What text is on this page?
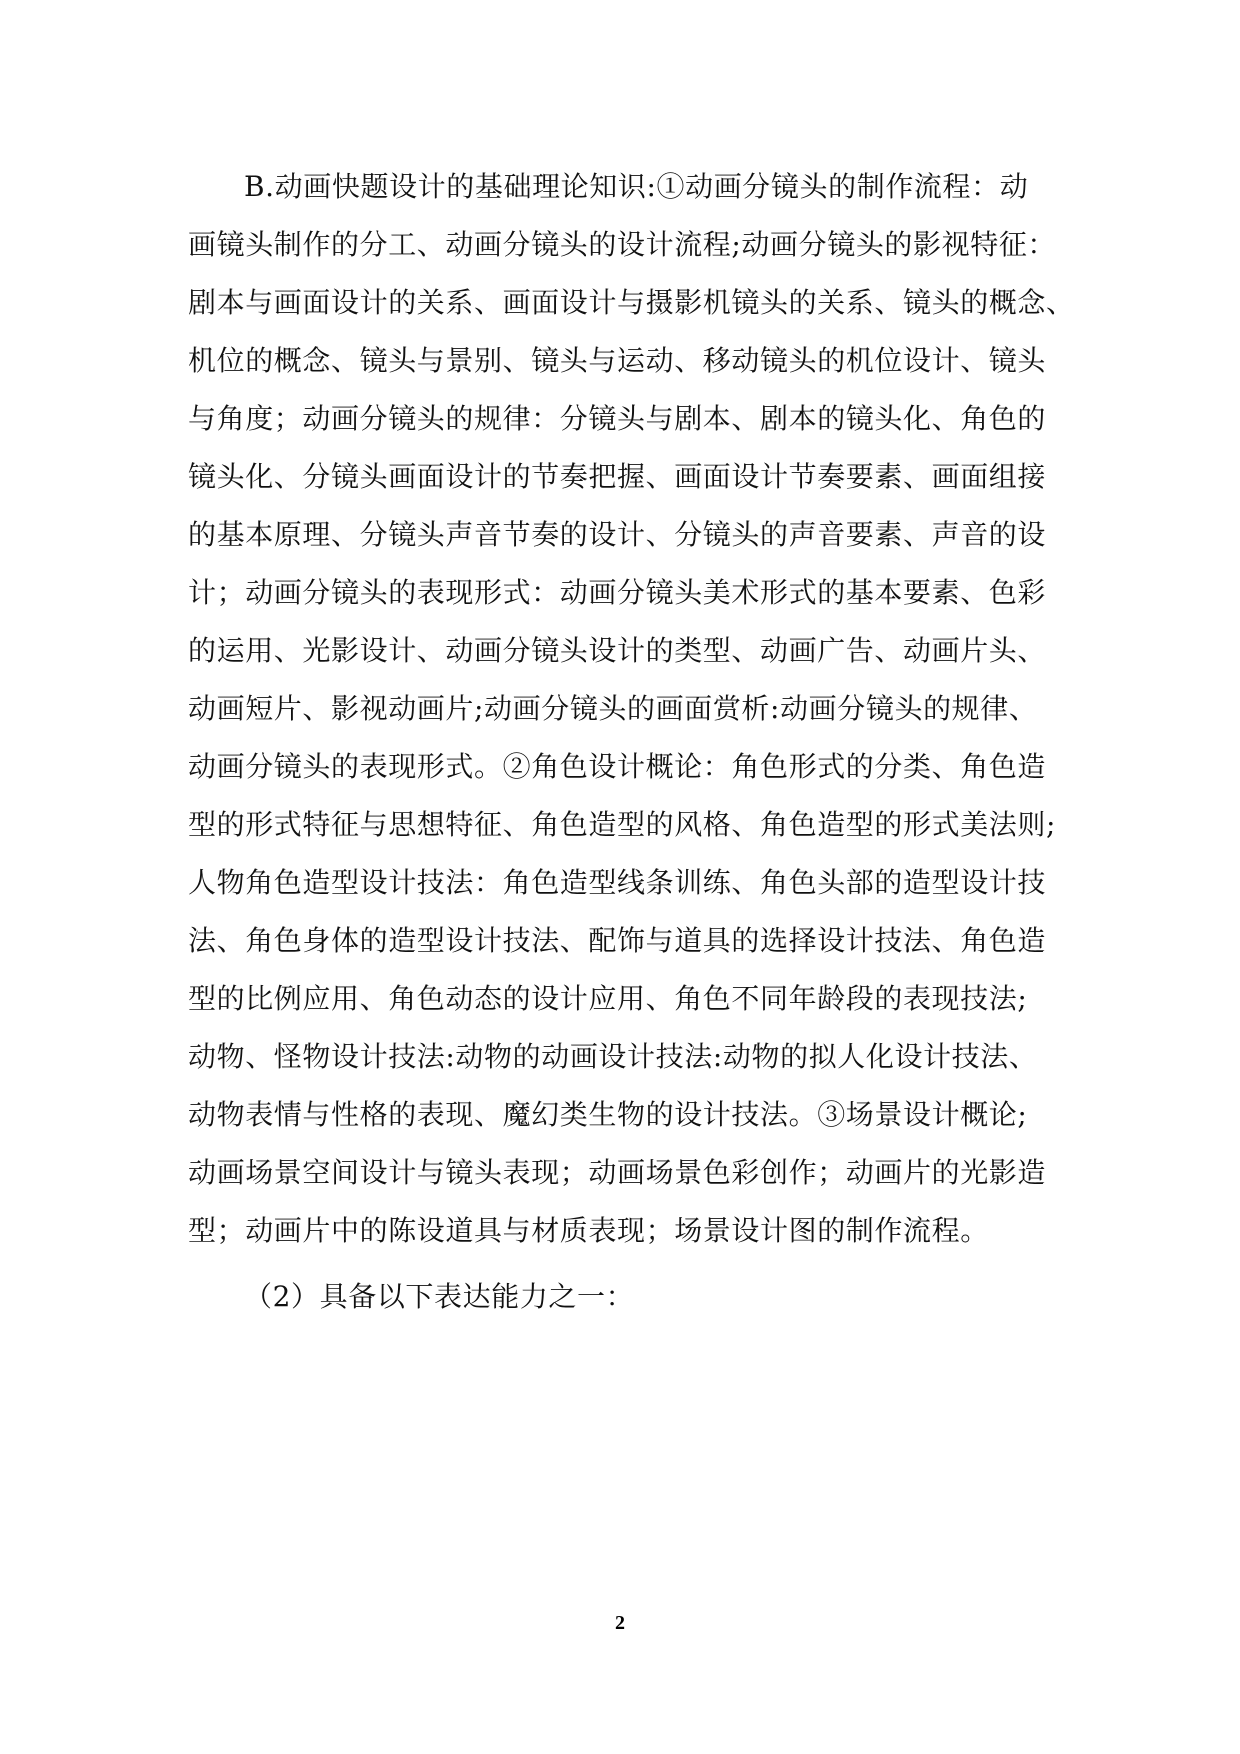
B.动画快题设计的基础理论知识:①动画分镜头的制作流程：动
画镜头制作的分工、动画分镜头的设计流程;动画分镜头的影视特征：
剧本与画面设计的关系、画面设计与摄影机镜头的关系、镜头的概念、
机位的概念、镜头与景别、镜头与运动、移动镜头的机位设计、镜头
与角度；动画分镜头的规律：分镜头与剧本、剧本的镜头化、角色的
镜头化、分镜头画面设计的节奏把握、画面设计节奏要素、画面组接
的基本原理、分镜头声音节奏的设计、分镜头的声音要素、声音的设
计；动画分镜头的表现形式：动画分镜头美术形式的基本要素、色彩
的运用、光影设计、动画分镜头设计的类型、动画广告、动画片头、
动画短片、影视动画片;动画分镜头的画面赏析:动画分镜头的规律、
动画分镜头的表现形式。②角色设计概论：角色形式的分类、角色造
型的形式特征与思想特征、角色造型的风格、角色造型的形式美法则;
人物角色造型设计技法：角色造型线条训练、角色头部的造型设计技
法、角色身体的造型设计技法、配饰与道具的选择设计技法、角色造
型的比例应用、角色动态的设计应用、角色不同年龄段的表现技法;
动物、怪物设计技法:动物的动画设计技法:动物的拟人化设计技法、
动物表情与性格的表现、魔幻类生物的设计技法。③场景设计概论;
动画场景空间设计与镜头表现；动画场景色彩创作；动画片的光影造
型；动画片中的陈设道具与材质表现；场景设计图的制作流程。
（2）具备以下表达能力之一：
2
